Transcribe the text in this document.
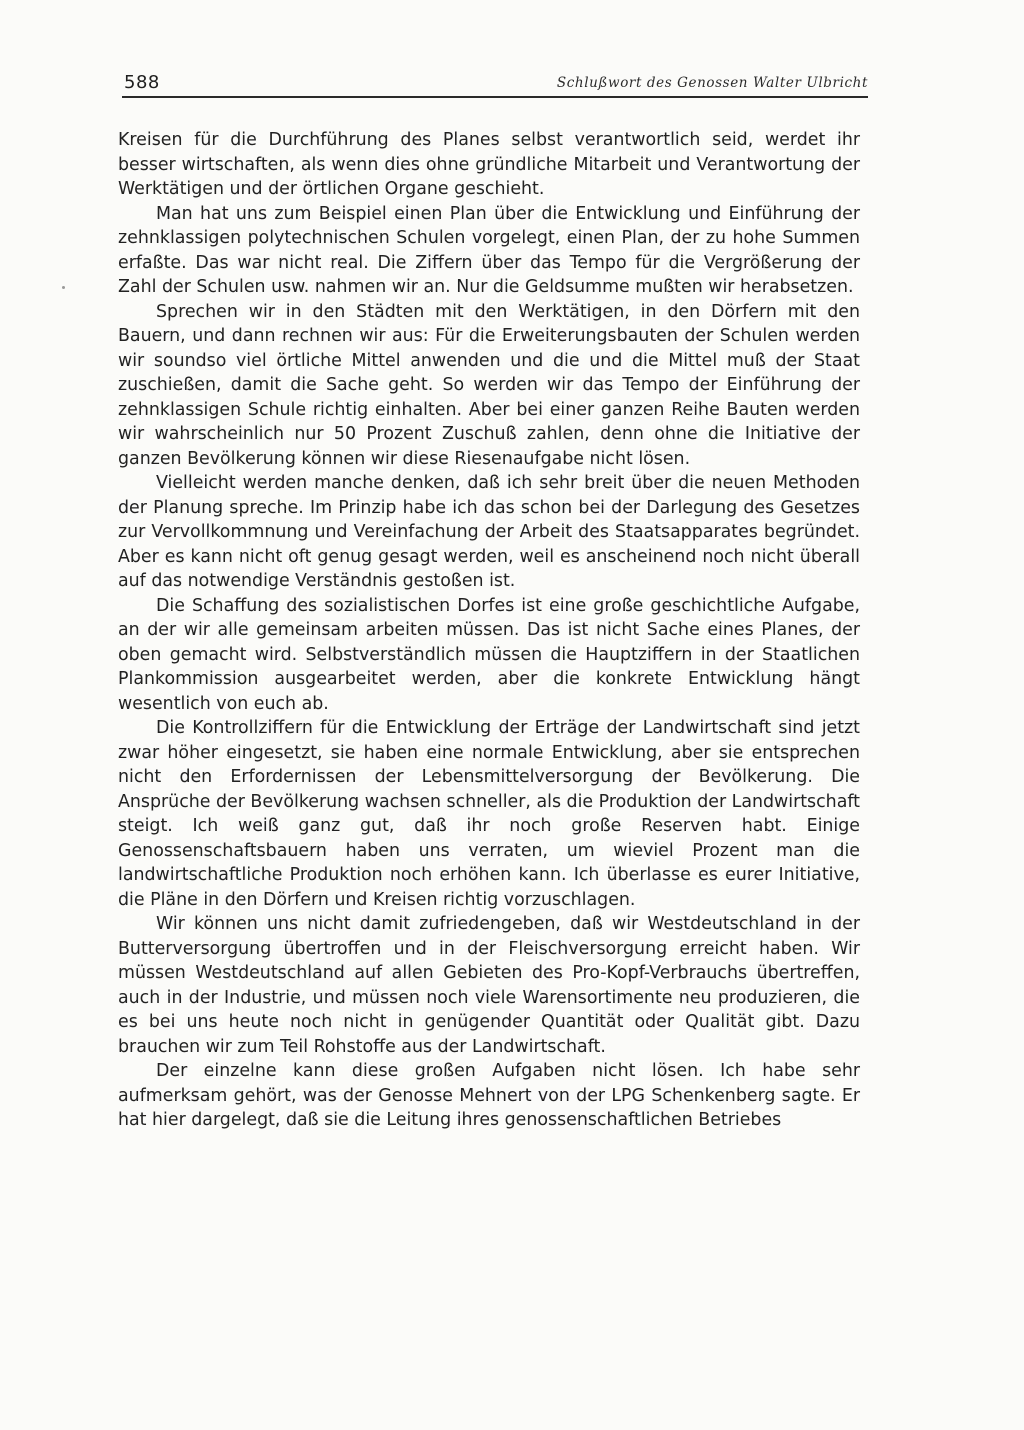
588	Schlußwort des Genossen Walter Ulbricht

Kreisen für die Durchführung des Planes selbst verantwortlich seid, werdet ihr besser wirtschaften, als wenn dies ohne gründliche Mitarbeit und Verantwortung der Werktätigen und der örtlichen Organe geschieht.

Man hat uns zum Beispiel einen Plan über die Entwicklung und Einführung der zehnklassigen polytechnischen Schulen vorgelegt, einen Plan, der zu hohe Summen erfaßte. Das war nicht real. Die Ziffern über das Tempo für die Vergrößerung der Zahl der Schulen usw. nahmen wir an. Nur die Geldsumme mußten wir herabsetzen.

Sprechen wir in den Städten mit den Werktätigen, in den Dörfern mit den Bauern, und dann rechnen wir aus: Für die Erweiterungsbauten der Schulen werden wir soundso viel örtliche Mittel anwenden und die und die Mittel muß der Staat zuschießen, damit die Sache geht. So werden wir das Tempo der Einführung der zehnklassigen Schule richtig einhalten. Aber bei einer ganzen Reihe Bauten werden wir wahrscheinlich nur 50 Prozent Zuschuß zahlen, denn ohne die Initiative der ganzen Bevölkerung können wir diese Riesenaufgabe nicht lösen.

Vielleicht werden manche denken, daß ich sehr breit über die neuen Methoden der Planung spreche. Im Prinzip habe ich das schon bei der Darlegung des Gesetzes zur Vervollkommnung und Vereinfachung der Arbeit des Staatsapparates begründet. Aber es kann nicht oft genug gesagt werden, weil es anscheinend noch nicht überall auf das notwendige Verständnis gestoßen ist.

Die Schaffung des sozialistischen Dorfes ist eine große geschichtliche Aufgabe, an der wir alle gemeinsam arbeiten müssen. Das ist nicht Sache eines Planes, der oben gemacht wird. Selbstverständlich müssen die Hauptziffern in der Staatlichen Plankommission ausgearbeitet werden, aber die konkrete Entwicklung hängt wesentlich von euch ab.

Die Kontrollziffern für die Entwicklung der Erträge der Landwirtschaft sind jetzt zwar höher eingesetzt, sie haben eine normale Entwicklung, aber sie entsprechen nicht den Erfordernissen der Lebensmittelversorgung der Bevölkerung. Die Ansprüche der Bevölkerung wachsen schneller, als die Produktion der Landwirtschaft steigt. Ich weiß ganz gut, daß ihr noch große Reserven habt. Einige Genossenschaftsbauern haben uns verraten, um wieviel Prozent man die landwirtschaftliche Produktion noch erhöhen kann. Ich überlasse es eurer Initiative, die Pläne in den Dörfern und Kreisen richtig vorzuschlagen.

Wir können uns nicht damit zufriedengeben, daß wir Westdeutschland in der Butterversorgung übertroffen und in der Fleischversorgung erreicht haben. Wir müssen Westdeutschland auf allen Gebieten des Pro-Kopf-Verbrauchs übertreffen, auch in der Industrie, und müssen noch viele Warensortimente neu produzieren, die es bei uns heute noch nicht in genügender Quantität oder Qualität gibt. Dazu brauchen wir zum Teil Rohstoffe aus der Landwirtschaft.

Der einzelne kann diese großen Aufgaben nicht lösen. Ich habe sehr aufmerksam gehört, was der Genosse Mehnert von der LPG Schenkenberg sagte. Er hat hier dargelegt, daß sie die Leitung ihres genossenschaftlichen Betriebes
